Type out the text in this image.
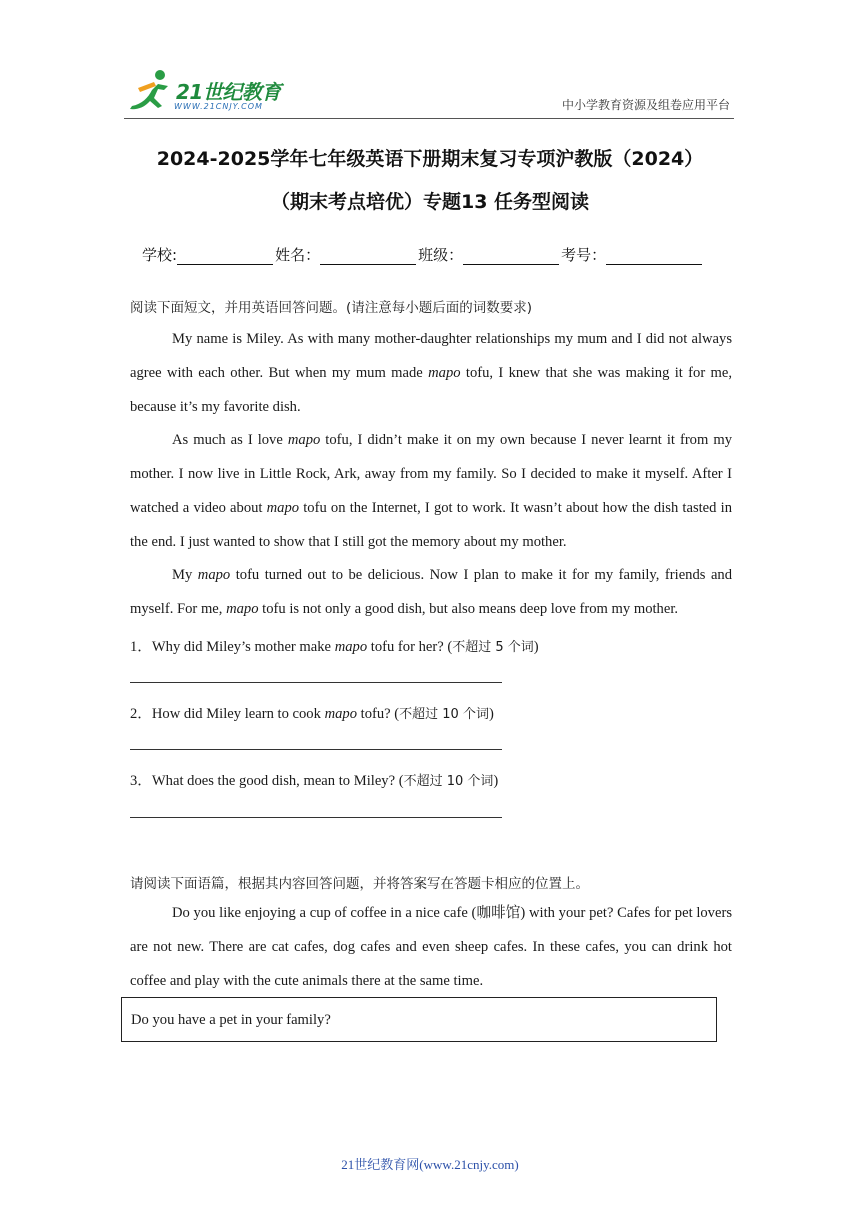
21世纪教育
WWW.21CNJY.COM	中小学教育资源及组卷应用平台
2024-2025学年七年级英语下册期末复习专项沪教版（2024）
（期末考点培优）专题13 任务型阅读
学校:	姓名：	班级：	考号：
阅读下面短文，并用英语回答问题。(请注意每小题后面的词数要求)

My name is Miley. As with many mother-daughter relationships my mum and I did not always agree with each other. But when my mum made mapo tofu, I knew that she was making it for me, because it’s my favorite dish.

As much as I love mapo tofu, I didn’t make it on my own because I never learnt it from my mother. I now live in Little Rock, Ark, away from my family. So I decided to make it myself. After I watched a video about mapo tofu on the Internet, I got to work. It wasn’t about how the dish tasted in the end. I just wanted to show that I still got the memory about my mother.

My mapo tofu turned out to be delicious. Now I plan to make it for my family, friends and myself. For me, mapo tofu is not only a good dish, but also means deep love from my mother.

1．Why did Miley’s mother make mapo tofu for her? (不超过 5 个词)
2．How did Miley learn to cook mapo tofu? (不超过 10 个词)
3．What does the good dish, mean to Miley? (不超过 10 个词)
请阅读下面语篇，根据其内容回答问题，并将答案写在答题卡相应的位置上。

Do you like enjoying a cup of coffee in a nice cafe (咖啡馆) with your pet? Cafes for pet lovers are not new. There are cat cafes, dog cafes and even sheep cafes. In these cafes, you can drink hot coffee and play with the cute animals there at the same time.

Do you have a pet in your family?
21世纪教育网(www.21cnjy.com)
